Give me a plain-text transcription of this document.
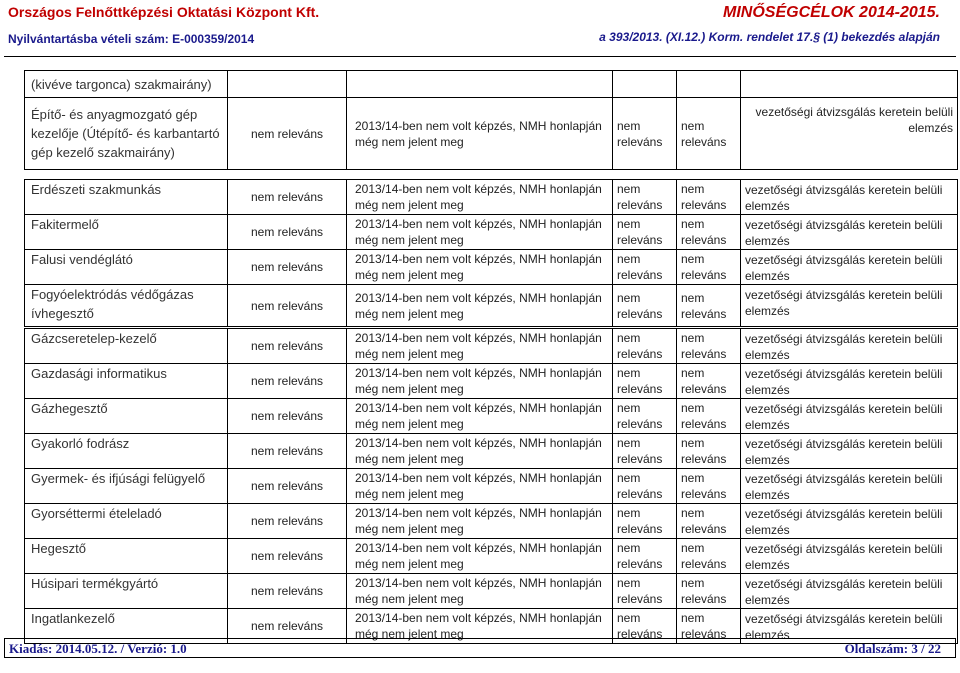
Országos Felnőttképzési Oktatási Központ Kft.
Nyilvántartásba vételi szám: E-000359/2014
MINŐSÉGCÉLOK 2014-2015.
a 393/2013. (XI.12.) Korm. rendelet 17.§ (1) bekezdés alapján
(kivéve targonca) szakmairány)					
Építő- és anyagmozgató gép kezelője (Útépítő- és karbantartó gép kezelő szakmairány)	nem releváns	2013/14-ben nem volt képzés, NMH honlapján még nem jelent meg	nem releváns	nem releváns	vezetőségi átvizsgálás keretein belüli elemzés
Erdészeti szakmunkás	nem releváns	2013/14-ben nem volt képzés, NMH honlapján még nem jelent meg	nem releváns	nem releváns	vezetőségi átvizsgálás keretein belüli elemzés
Fakitermelő	nem releváns	2013/14-ben nem volt képzés, NMH honlapján még nem jelent meg	nem releváns	nem releváns	vezetőségi átvizsgálás keretein belüli elemzés
Falusi vendéglátó	nem releváns	2013/14-ben nem volt képzés, NMH honlapján még nem jelent meg	nem releváns	nem releváns	vezetőségi átvizsgálás keretein belüli elemzés
Fogyóelektródás védőgázas ívhegesztő	nem releváns	2013/14-ben nem volt képzés, NMH honlapján még nem jelent meg	nem releváns	nem releváns	vezetőségi átvizsgálás keretein belüli elemzés
Gázcseretelep-kezelő	nem releváns	2013/14-ben nem volt képzés, NMH honlapján még nem jelent meg	nem releváns	nem releváns	vezetőségi átvizsgálás keretein belüli elemzés
Gazdasági informatikus	nem releváns	2013/14-ben nem volt képzés, NMH honlapján még nem jelent meg	nem releváns	nem releváns	vezetőségi átvizsgálás keretein belüli elemzés
Gázhegesztő	nem releváns	2013/14-ben nem volt képzés, NMH honlapján még nem jelent meg	nem releváns	nem releváns	vezetőségi átvizsgálás keretein belüli elemzés
Gyakorló fodrász	nem releváns	2013/14-ben nem volt képzés, NMH honlapján még nem jelent meg	nem releváns	nem releváns	vezetőségi átvizsgálás keretein belüli elemzés
Gyermek- és ifjúsági felügyelő	nem releváns	2013/14-ben nem volt képzés, NMH honlapján még nem jelent meg	nem releváns	nem releváns	vezetőségi átvizsgálás keretein belüli elemzés
Gyorséttermi ételeladó	nem releváns	2013/14-ben nem volt képzés, NMH honlapján még nem jelent meg	nem releváns	nem releváns	vezetőségi átvizsgálás keretein belüli elemzés
Hegesztő	nem releváns	2013/14-ben nem volt képzés, NMH honlapján még nem jelent meg	nem releváns	nem releváns	vezetőségi átvizsgálás keretein belüli elemzés
Húsipari termékgyártó	nem releváns	2013/14-ben nem volt képzés, NMH honlapján még nem jelent meg	nem releváns	nem releváns	vezetőségi átvizsgálás keretein belüli elemzés
Ingatlankezelő	nem releváns	2013/14-ben nem volt képzés, NMH honlapján még nem jelent meg	nem releváns	nem releváns	vezetőségi átvizsgálás keretein belüli elemzés
Kiadás: 2014.05.12. / Verzió: 1.0	Oldalszám: 3 / 22
